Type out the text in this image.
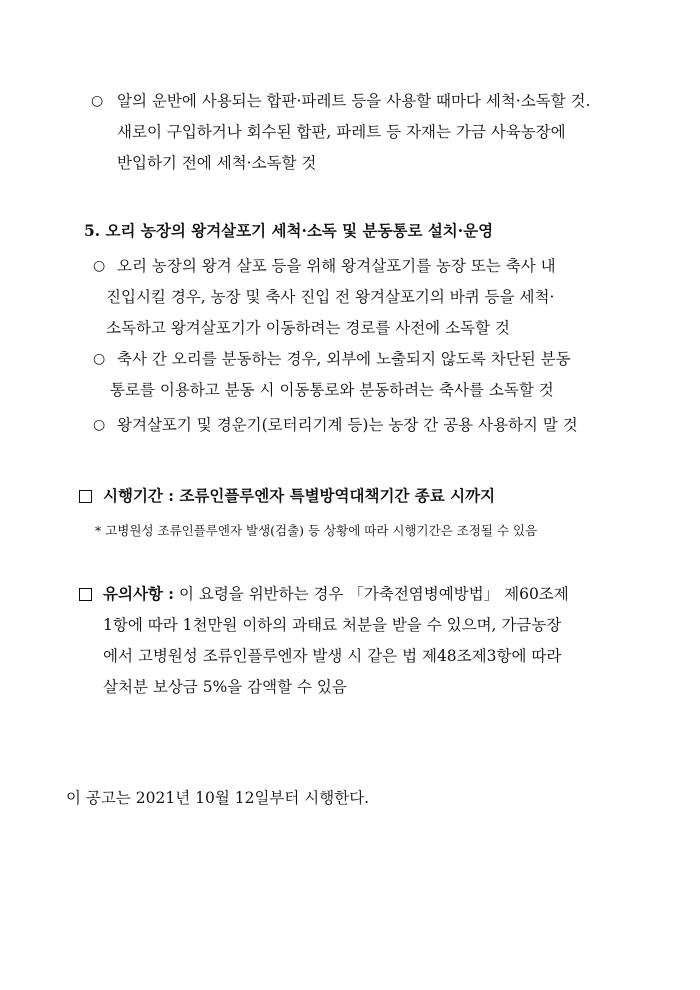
○ 알의 운반에 사용되는 합판·파레트 등을 사용할 때마다 세척·소독할 것.
새로이 구입하거나 회수된 합판, 파레트 등 자재는 가금 사육농장에
반입하기 전에 세척·소독할 것
5. 오리 농장의 왕겨살포기 세척·소독 및 분동통로 설치·운영
○ 오리 농장의 왕겨 살포 등을 위해 왕겨살포기를 농장 또는 축사 내
진입시킬 경우, 농장 및 축사 진입 전 왕겨살포기의 바퀴 등을 세척·
소독하고 왕겨살포기가 이동하려는 경로를 사전에 소독할 것
○ 축사 간 오리를 분동하는 경우, 외부에 노출되지 않도록 차단된 분동
통로를 이용하고 분동 시 이동통로와 분동하려는 축사를 소독할 것
○ 왕겨살포기 및 경운기(로터리기계 등)는 농장 간 공용 사용하지 말 것
시행기간 : 조류인플루엔자 특별방역대책기간 종료 시까지
* 고병원성 조류인플루엔자 발생(검출) 등 상황에 따라 시행기간은 조정될 수 있음
유의사항 : 이 요령을 위반하는 경우 「가축전염병예방법」 제60조제
1항에 따라 1천만원 이하의 과태료 처분을 받을 수 있으며, 가금농장
에서 고병원성 조류인플루엔자 발생 시 같은 법 제48조제3항에 따라
살처분 보상금 5%을 감액할 수 있음
이 공고는 2021년 10월 12일부터 시행한다.
